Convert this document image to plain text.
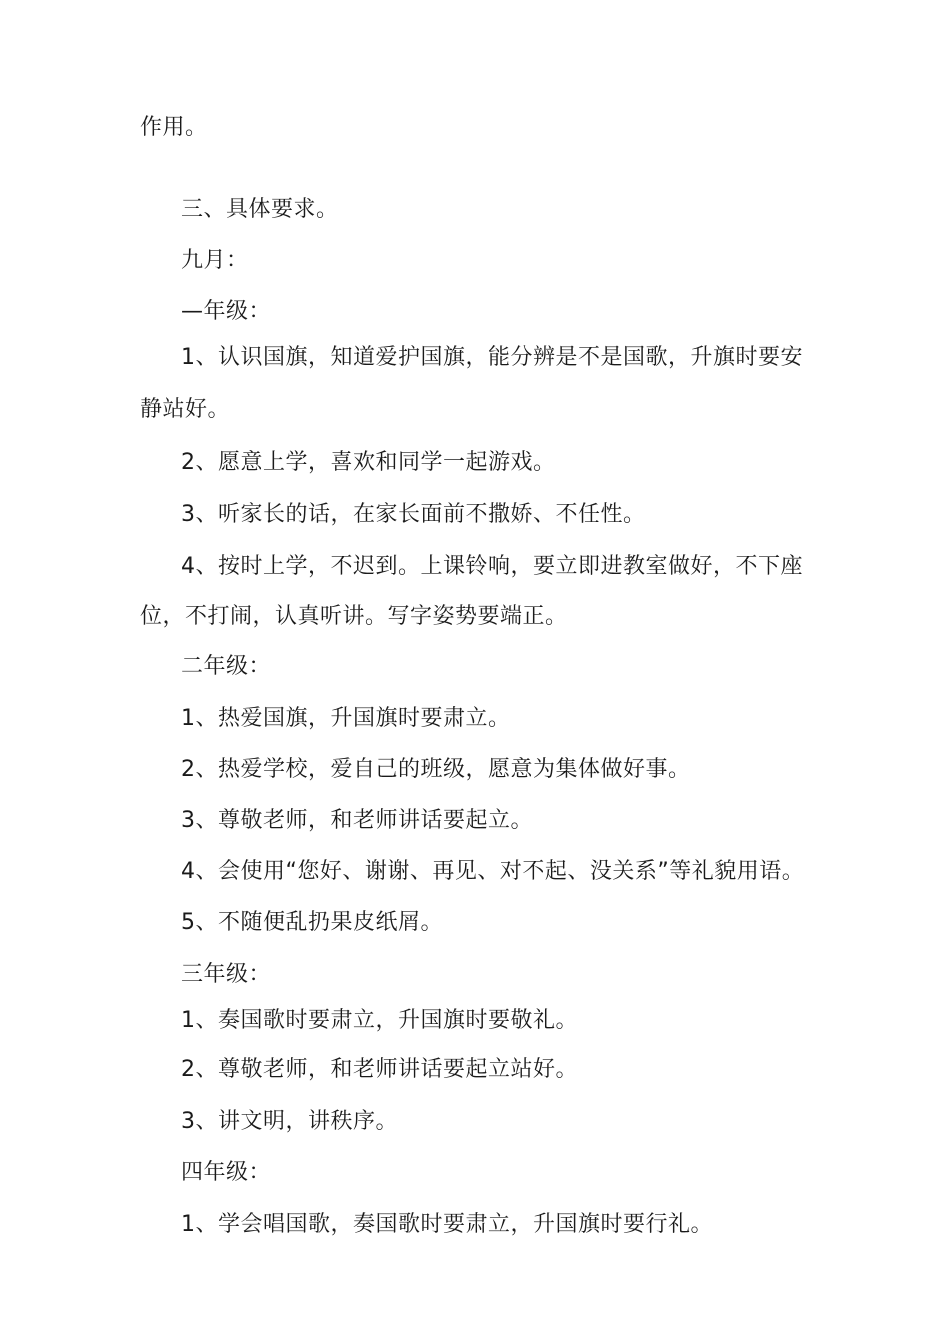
作用。
三、具体要求。
九月：
—年级：
1、认识国旗，知道爱护国旗，能分辨是不是国歌，升旗时要安
静站好。
2、愿意上学，喜欢和同学一起游戏。
3、听家长的话，在家长面前不撒娇、不任性。
4、按时上学，不迟到。上课铃响，要立即进教室做好，不下座
位，不打闹，认真听讲。写字姿势要端正。
二年级：
1、热爱国旗，升国旗时要肃立。
2、热爱学校，爱自己的班级，愿意为集体做好事。
3、尊敬老师，和老师讲话要起立。
4、会使用“您好、谢谢、再见、对不起、没关系”等礼貌用语。
5、不随便乱扔果皮纸屑。
三年级：
1、奏国歌时要肃立，升国旗时要敬礼。
2、尊敬老师，和老师讲话要起立站好。
3、讲文明，讲秩序。
四年级：
1、学会唱国歌，奏国歌时要肃立，升国旗时要行礼。
